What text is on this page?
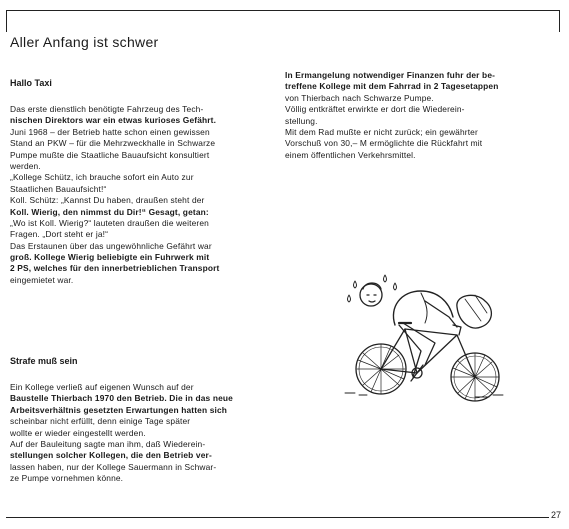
Aller Anfang ist schwer
Hallo Taxi
Das erste dienstlich benötigte Fahrzeug des Tech-
nischen Direktors war ein etwas kurioses Gefährt.
Juni 1968 – der Betrieb hatte schon einen gewissen
Stand an PKW – für die Mehrzweckhalle in Schwarze
Pumpe mußte die Staatliche Bauaufsicht konsultiert
werden.
„Kollege Schütz, ich brauche sofort ein Auto zur
Staatlichen Bauaufsicht!“
Koll. Schütz: „Kannst Du haben, draußen steht der
Koll. Wierig, den nimmst du Dir!“ Gesagt, getan:
„Wo ist Koll. Wierig?“ lauteten draußen die weiteren
Fragen. „Dort steht er ja!“
Das Erstaunen über das ungewöhnliche Gefährt war
groß. Kollege Wierig beliebigte ein Fuhrwerk mit
2 PS, welches für den innerbetrieblichen Transport
eingemietet war.
Strafe muß sein
Ein Kollege verließ auf eigenen Wunsch auf der
Baustelle Thierbach 1970 den Betrieb. Die in das neue
Arbeitsverhältnis gesetzten Erwartungen hatten sich
scheinbar nicht erfüllt, denn einige Tage später
wollte er wieder eingestellt werden.
Auf der Bauleitung sagte man ihm, daß Wiederein-
stellungen solcher Kollegen, die den Betrieb ver-
lassen haben, nur der Kollege Sauermann in Schwar-
ze Pumpe vornehmen könne.
In Ermangelung notwendiger Finanzen fuhr der be-
treffene Kollege mit dem Fahrrad in 2 Tagesetappen
von Thierbach nach Schwarze Pumpe.
Völlig entkräftet erwirkte er dort die Wiederein-
stellung.
Mit dem Rad mußte er nicht zurück; ein gewährter
Vorschuß von 30,– M ermöglichte die Rückfahrt mit
einem öffentlichen Verkehrsmittel.
27
